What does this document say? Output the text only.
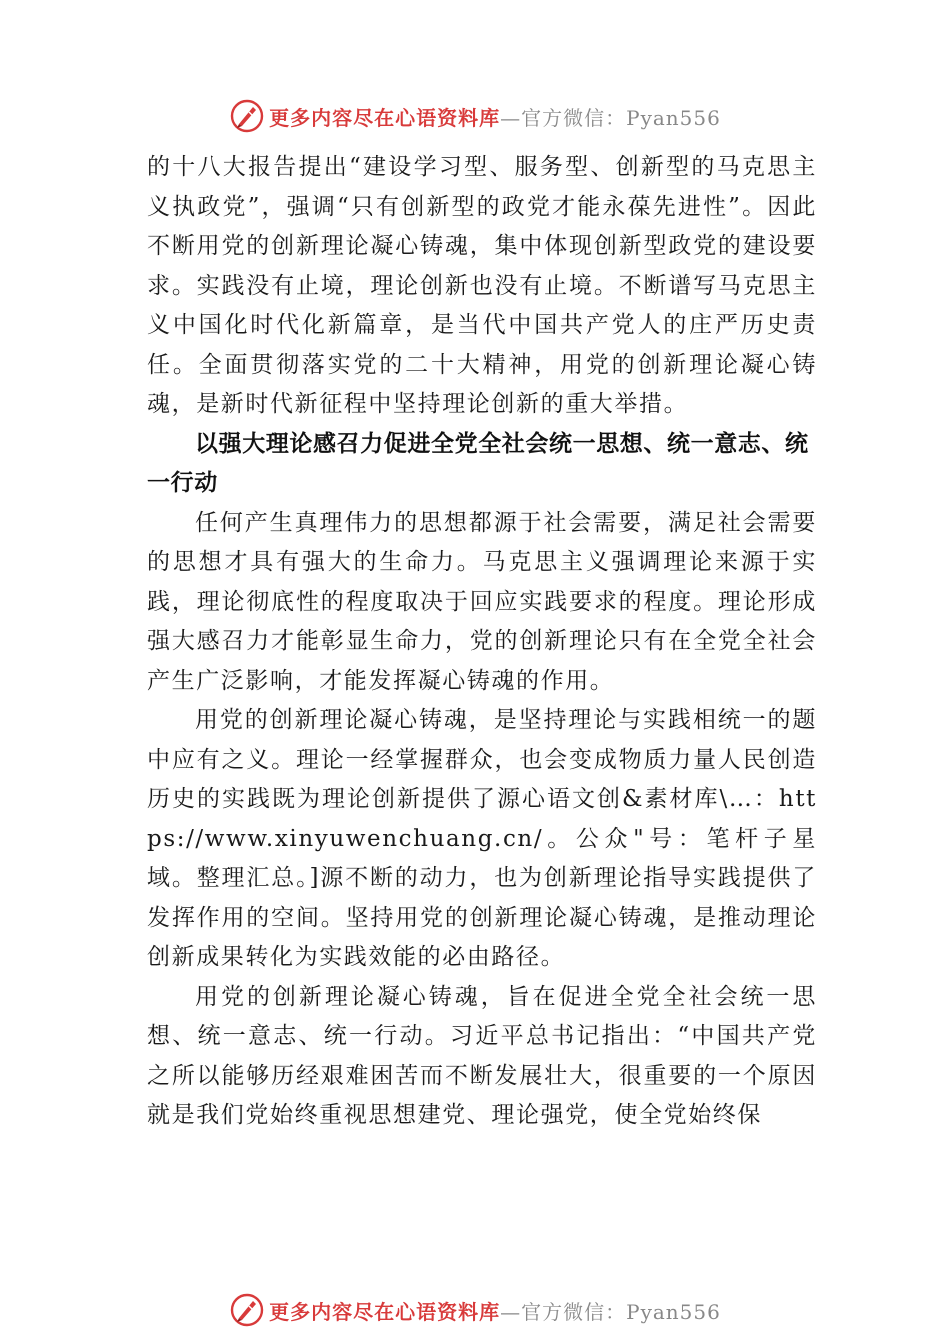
更多内容尽在心语资料库 —官方微信：Pyan556

的十八大报告提出“建设学习型、服务型、创新型的马克思主义执政党”，强调“只有创新型的政党才能永葆先进性”。因此不断用党的创新理论凝心铸魂，集中体现创新型政党的建设要求。实践没有止境，理论创新也没有止境。不断谱写马克思主义中国化时代化新篇章，是当代中国共产党人的庄严历史责任。全面贯彻落实党的二十大精神，用党的创新理论凝心铸魂，是新时代新征程中坚持理论创新的重大举措。

以强大理论感召力促进全党全社会统一思想、统一意志、统一行动

任何产生真理伟力的思想都源于社会需要，满足社会需要的思想才具有强大的生命力。马克思主义强调理论来源于实践，理论彻底性的程度取决于回应实践要求的程度。理论形成强大感召力才能彰显生命力，党的创新理论只有在全党全社会产生广泛影响，才能发挥凝心铸魂的作用。

用党的创新理论凝心铸魂，是坚持理论与实践相统一的题中应有之义。理论一经掌握群众，也会变成物质力量人民创造历史的实践既为理论创新提供了源心语文创&素材库\…：https://www.xinyuwenchuang.cn/。公众"号：笔杆子星域。整理汇总。]源不断的动力，也为创新理论指导实践提供了发挥作用的空间。坚持用党的创新理论凝心铸魂，是推动理论创新成果转化为实践效能的必由路径。

用党的创新理论凝心铸魂，旨在促进全党全社会统一思想、统一意志、统一行动。习近平总书记指出：“中国共产党之所以能够历经艰难困苦而不断发展壮大，很重要的一个原因就是我们党始终重视思想建党、理论强党，使全党始终保

更多内容尽在心语资料库 —官方微信：Pyan556
